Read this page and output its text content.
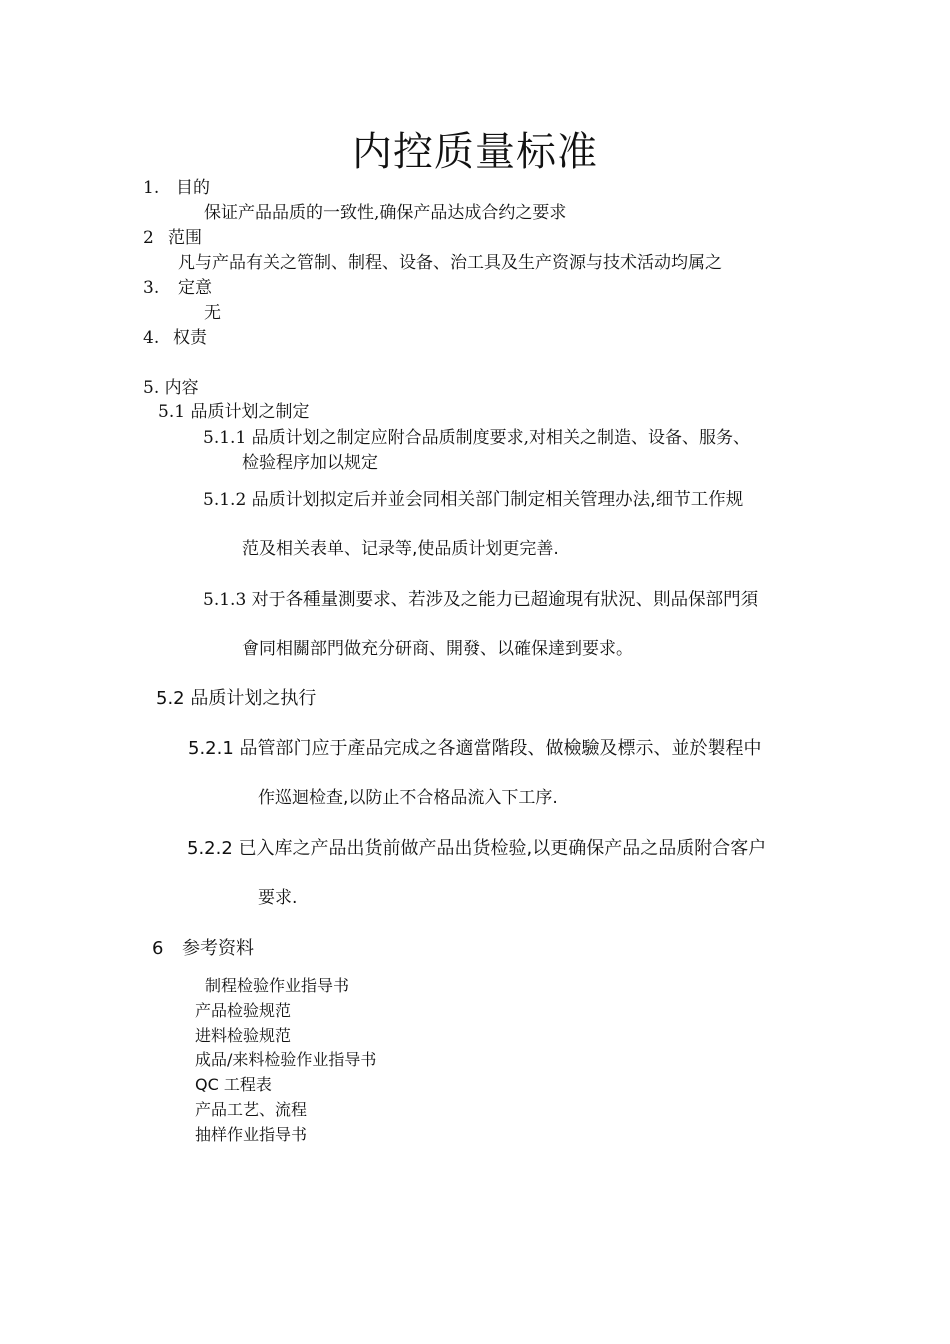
内控质量标准
1. 目的
保证产品品质的一致性,确保产品达成合约之要求
2 范围
凡与产品有关之管制、制程、设备、治工具及生产资源与技术活动均属之
3. 定意
无
4. 权责
5. 内容
5.1 品质计划之制定
5.1.1 品质计划之制定应附合品质制度要求,对相关之制造、设备、服务、
检验程序加以规定
5.1.2 品质计划拟定后并並会同相关部门制定相关管理办法,细节工作规
范及相关表单、记录等,使品质计划更完善.
5.1.3 对于各種量測要求、若涉及之能力已超逾現有狀況、則品保部門須
會同相關部門做充分研商、開發、以確保達到要求。
5.2 品质计划之执行
5.2.1 品管部门应于產品完成之各適當階段、做檢驗及標示、並於製程中
作巡迴检查,以防止不合格品流入下工序.
5.2.2 已入库之产品出货前做产品出货检验,以更确保产品之品质附合客户
要求.
6 参考资料
制程检验作业指导书
产品检验规范
进料检验规范
成品/来料检验作业指导书
QC 工程表
产品工艺、流程
抽样作业指导书
